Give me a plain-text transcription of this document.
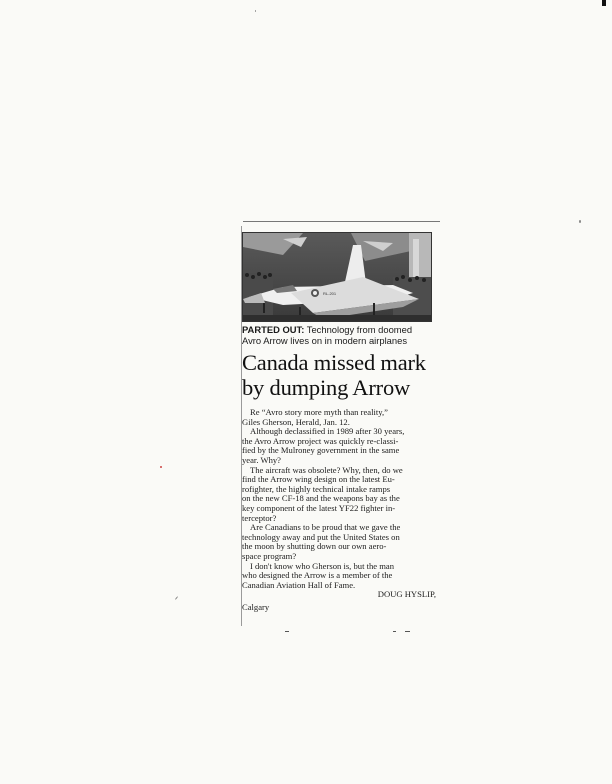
RL-201
PARTED OUT: Technology from doomed
Avro Arrow lives on in modern airplanes
Canada missed mark
by dumping Arrow
Re “Avro story more myth than reality,”
Giles Gherson, Herald, Jan. 12.
Although declassified in 1989 after 30 years,
the Avro Arrow project was quickly re-classi-
fied by the Mulroney government in the same
year. Why?
The aircraft was obsolete? Why, then, do we
find the Arrow wing design on the latest Eu-
rofighter, the highly technical intake ramps
on the new CF-18 and the weapons bay as the
key component of the latest YF22 fighter in-
terceptor?
Are Canadians to be proud that we gave the
technology away and put the United States on
the moon by shutting down our own aero-
space program?
I don't know who Gherson is, but the man
who designed the Arrow is a member of the
Canadian Aviation Hall of Fame.
DOUG HYSLIP,
Calgary
